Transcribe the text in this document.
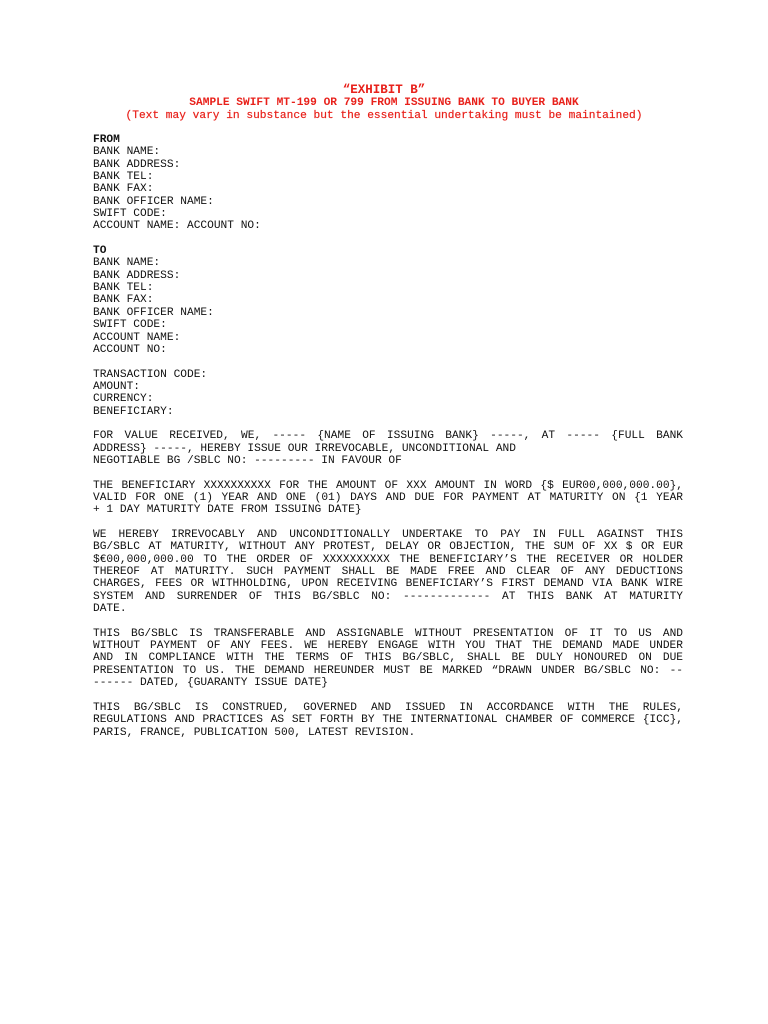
“EXHIBIT B”
SAMPLE SWIFT MT-199 OR 799 FROM ISSUING BANK TO BUYER BANK
(Text may vary in substance but the essential undertaking must be maintained)
FROM
BANK NAME:
BANK ADDRESS:
BANK TEL:
BANK FAX:
BANK OFFICER NAME:
SWIFT CODE:
ACCOUNT NAME: ACCOUNT NO:
TO
BANK NAME:
BANK ADDRESS:
BANK TEL:
BANK FAX:
BANK OFFICER NAME:
SWIFT CODE:
ACCOUNT NAME:
ACCOUNT NO:
TRANSACTION CODE:
AMOUNT:
CURRENCY:
BENEFICIARY:
FOR VALUE RECEIVED, WE, ----- {NAME OF ISSUING BANK} -----, AT ----- {FULL BANK
ADDRESS} -----, HEREBY ISSUE OUR IRREVOCABLE, UNCONDITIONAL AND
NEGOTIABLE BG /SBLC NO: --------- IN FAVOUR OF
THE BENEFICIARY XXXXXXXXXX FOR THE AMOUNT OF XXX AMOUNT IN WORD {$ EUR00,000,000.00},
VALID FOR ONE (1) YEAR AND ONE (01) DAYS AND DUE FOR PAYMENT AT MATURITY ON {1 YEAR
+ 1 DAY MATURITY DATE FROM ISSUING DATE}
WE HEREBY IRREVOCABLY AND UNCONDITIONALLY UNDERTAKE TO PAY IN FULL AGAINST THIS
BG/SBLC AT MATURITY, WITHOUT ANY PROTEST, DELAY OR OBJECTION, THE SUM OF XX $ OR EUR
$€00,000,000.00 TO THE ORDER OF XXXXXXXXXX THE BENEFICIARY’S THE RECEIVER OR HOLDER
THEREOF AT MATURITY. SUCH PAYMENT SHALL BE MADE FREE AND CLEAR OF ANY DEDUCTIONS
CHARGES, FEES OR WITHHOLDING, UPON RECEIVING BENEFICIARY’S FIRST DEMAND VIA BANK WIRE
SYSTEM AND SURRENDER OF THIS BG/SBLC NO: ------------- AT THIS BANK AT MATURITY
DATE.
THIS BG/SBLC IS TRANSFERABLE AND ASSIGNABLE WITHOUT PRESENTATION OF IT TO US AND
WITHOUT PAYMENT OF ANY FEES. WE HEREBY ENGAGE WITH YOU THAT THE DEMAND MADE UNDER
AND IN COMPLIANCE WITH THE TERMS OF THIS BG/SBLC, SHALL BE DULY HONOURED ON DUE
PRESENTATION TO US. THE DEMAND HEREUNDER MUST BE MARKED “DRAWN UNDER BG/SBLC NO: --
------ DATED, {GUARANTY ISSUE DATE}
THIS BG/SBLC IS CONSTRUED, GOVERNED AND ISSUED IN ACCORDANCE WITH THE RULES,
REGULATIONS AND PRACTICES AS SET FORTH BY THE INTERNATIONAL CHAMBER OF COMMERCE {ICC},
PARIS, FRANCE, PUBLICATION 500, LATEST REVISION.
